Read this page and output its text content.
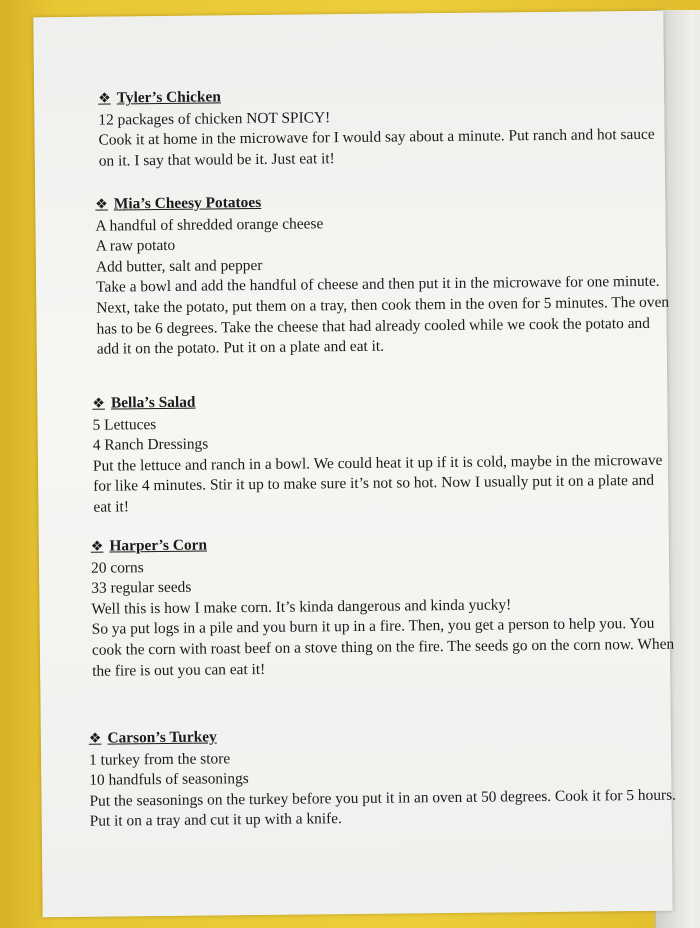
❖ Tyler’s Chicken
12 packages of chicken NOT SPICY!
Cook it at home in the microwave for I would say about a minute. Put ranch and hot sauce on it. I say that would be it. Just eat it!
❖ Mia’s Cheesy Potatoes
A handful of shredded orange cheese
A raw potato
Add butter, salt and pepper
Take a bowl and add the handful of cheese and then put it in the microwave for one minute. Next, take the potato, put them on a tray, then cook them in the oven for 5 minutes. The oven has to be 6 degrees. Take the cheese that had already cooled while we cook the potato and add it on the potato. Put it on a plate and eat it.
❖ Bella’s Salad
5 Lettuces
4 Ranch Dressings
Put the lettuce and ranch in a bowl. We could heat it up if it is cold, maybe in the microwave for like 4 minutes. Stir it up to make sure it’s not so hot. Now I usually put it on a plate and eat it!
❖ Harper’s Corn
20 corns
33 regular seeds
Well this is how I make corn. It’s kinda dangerous and kinda yucky!
So ya put logs in a pile and you burn it up in a fire. Then, you get a person to help you. You cook the corn with roast beef on a stove thing on the fire. The seeds go on the corn now. When the fire is out you can eat it!
❖ Carson’s Turkey
1 turkey from the store
10 handfuls of seasonings
Put the seasonings on the turkey before you put it in an oven at 50 degrees. Cook it for 5 hours. Put it on a tray and cut it up with a knife.
